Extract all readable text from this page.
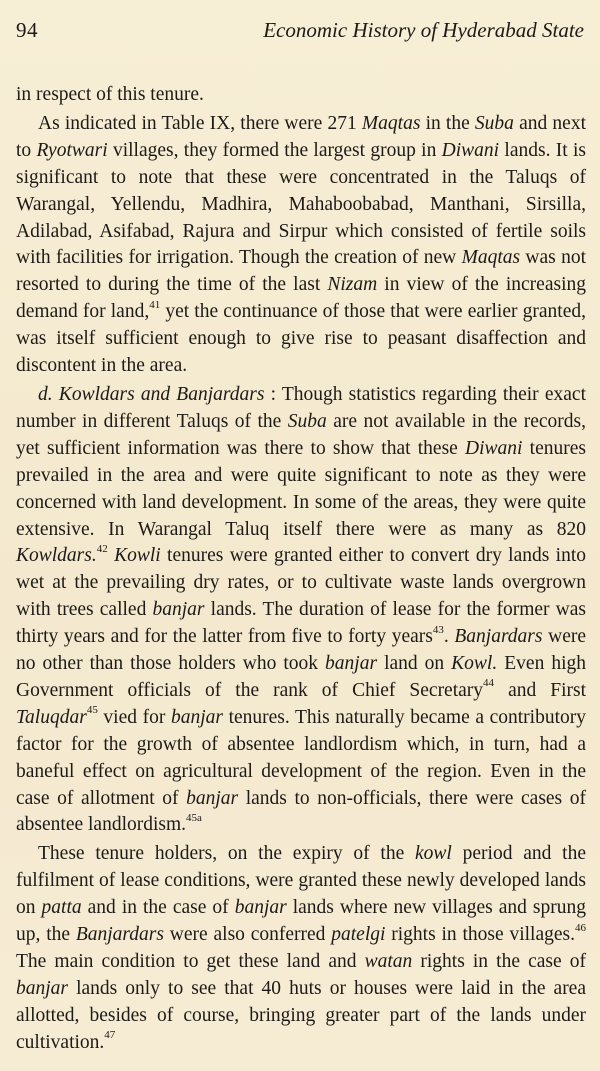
94	Economic History of Hyderabad State

in respect of this tenure.

As indicated in Table IX, there were 271 Maqtas in the Suba and next to Ryotwari villages, they formed the largest group in Diwani lands. It is significant to note that these were concentrated in the Taluqs of Warangal, Yellendu, Madhira, Mahaboobabad, Manthani, Sirsilla, Adilabad, Asifabad, Rajura and Sirpur which consisted of fertile soils with facilities for irrigation. Though the creation of new Maqtas was not resorted to during the time of the last Nizam in view of the increasing demand for land,$^{41}$ yet the continuance of those that were earlier granted, was itself sufficient enough to give rise to peasant disaffection and discontent in the area.

d. Kowldars and Banjardars : Though statistics regarding their exact number in different Taluqs of the Suba are not available in the records, yet sufficient information was there to show that these Diwani tenures prevailed in the area and were quite significant to note as they were concerned with land development. In some of the areas, they were quite extensive. In Warangal Taluq itself there were as many as 820 Kowldars.$^{42}$ Kowli tenures were granted either to convert dry lands into wet at the prevailing dry rates, or to cultivate waste lands overgrown with trees called banjar lands. The duration of lease for the former was thirty years and for the latter from five to forty years$^{43}$. Banjardars were no other than those holders who took banjar land on Kowl. Even high Government officials of the rank of Chief Secretary$^{44}$ and First Taluqdar$^{45}$ vied for banjar tenures. This naturally became a contributory factor for the growth of absentee landlordism which, in turn, had a baneful effect on agricultural development of the region. Even in the case of allotment of banjar lands to non-officials, there were cases of absentee landlordism.$^{45a}$

These tenure holders, on the expiry of the kowl period and the fulfilment of lease conditions, were granted these newly developed lands on patta and in the case of banjar lands where new villages and sprung up, the Banjardars were also conferred patelgi rights in those villages.$^{46}$ The main condition to get these land and watan rights in the case of banjar lands only to see that 40 huts or houses were laid in the area allotted, besides of course, bringing greater part of the lands under cultivation.$^{47}$
